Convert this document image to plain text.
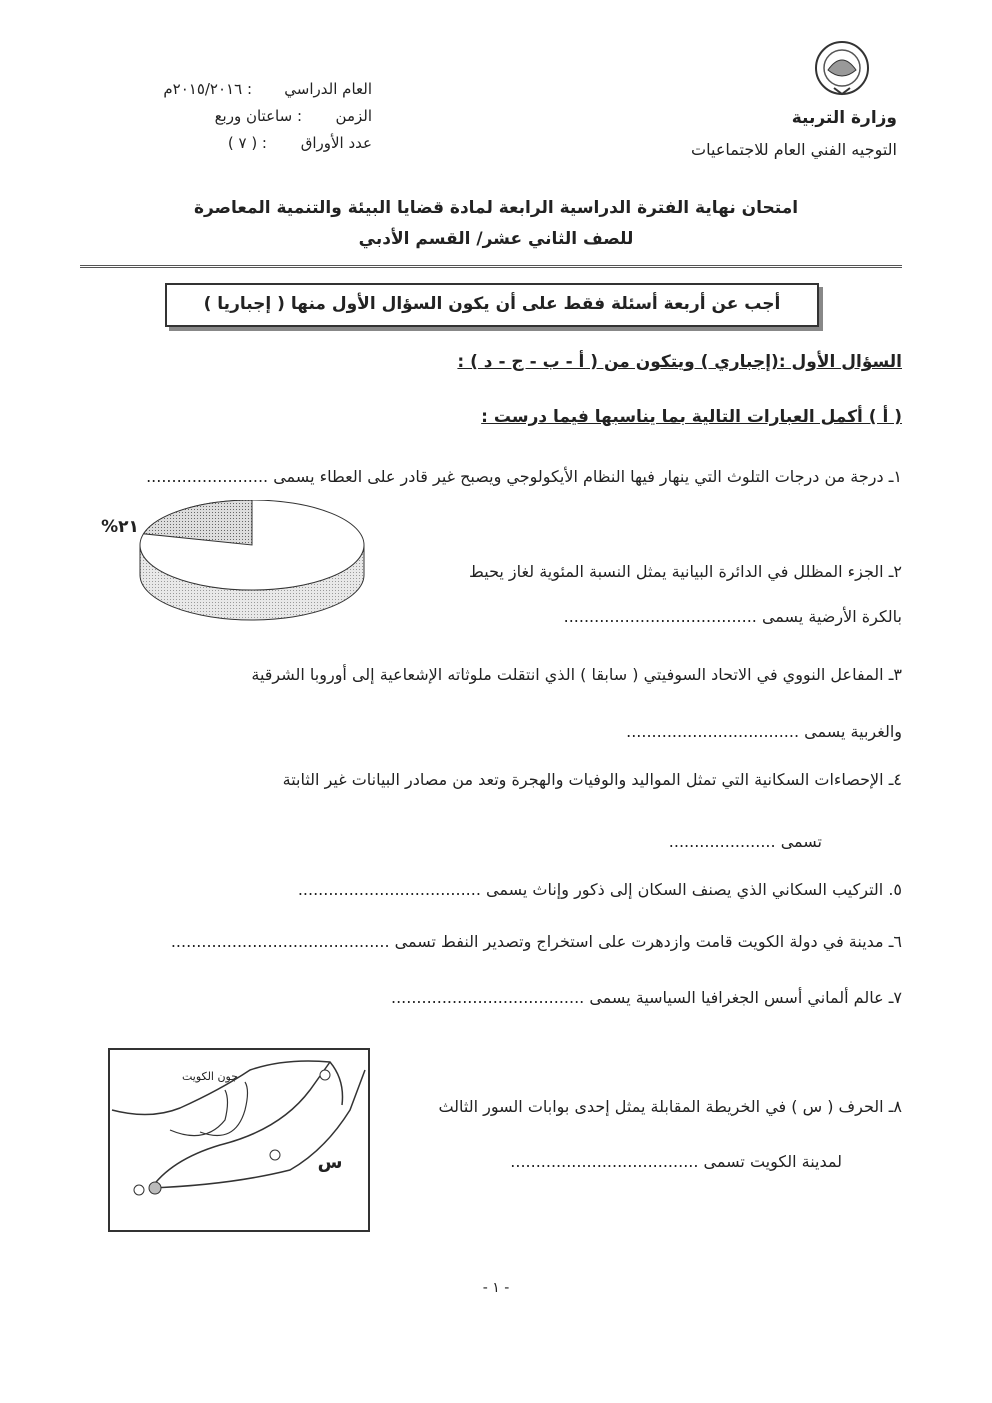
وزارة التربية
التوجيه الفني العام للاجتماعيات
العام الدراسي
: ٢٠١٥/٢٠١٦م
الزمن
: ساعتان وربع
عدد الأوراق
: ( ٧ )
امتحان نهاية الفترة الدراسية الرابعة لمادة قضايا البيئة والتنمية المعاصرة
للصف الثاني عشر/ القسم الأدبي
أجب عن أربعة أسئلة فقط على أن يكون السؤال الأول منها ( إجباريا )
السؤال الأول :(إجباري ) ويتكون من ( أ - ب - ج - د ) :
( أ ) أكمل العبارات التالية بما يناسبها فيما درست :
١ـ درجة من درجات التلوث التي ينهار فيها النظام الأيكولوجي ويصبح غير قادر على العطاء يسمى ........................
٢١%
٢ـ الجزء المظلل في الدائرة البيانية يمثل النسبة المئوية لغاز يحيط
بالكرة الأرضية يسمى ......................................
٣ـ المفاعل النووي في الاتحاد السوفيتي ( سابقا ) الذي انتقلت ملوثاته الإشعاعية إلى أوروبا الشرقية
والغربية يسمى ..................................
٤ـ الإحصاءات السكانية التي تمثل المواليد والوفيات والهجرة وتعد من مصادر البيانات غير الثابتة
تسمى .....................
٥. التركيب السكاني الذي يصنف السكان إلى ذكور وإناث يسمى ....................................
٦ـ مدينة في دولة الكويت قامت وازدهرت على استخراج وتصدير النفط تسمى ...........................................
٧ـ عالم ألماني أسس الجغرافيا السياسية يسمى ......................................
جون الكويت
س
٨ـ الحرف ( س ) في الخريطة المقابلة يمثل إحدى بوابات السور الثالث
لمدينة الكويت تسمى .....................................
- ١ -
